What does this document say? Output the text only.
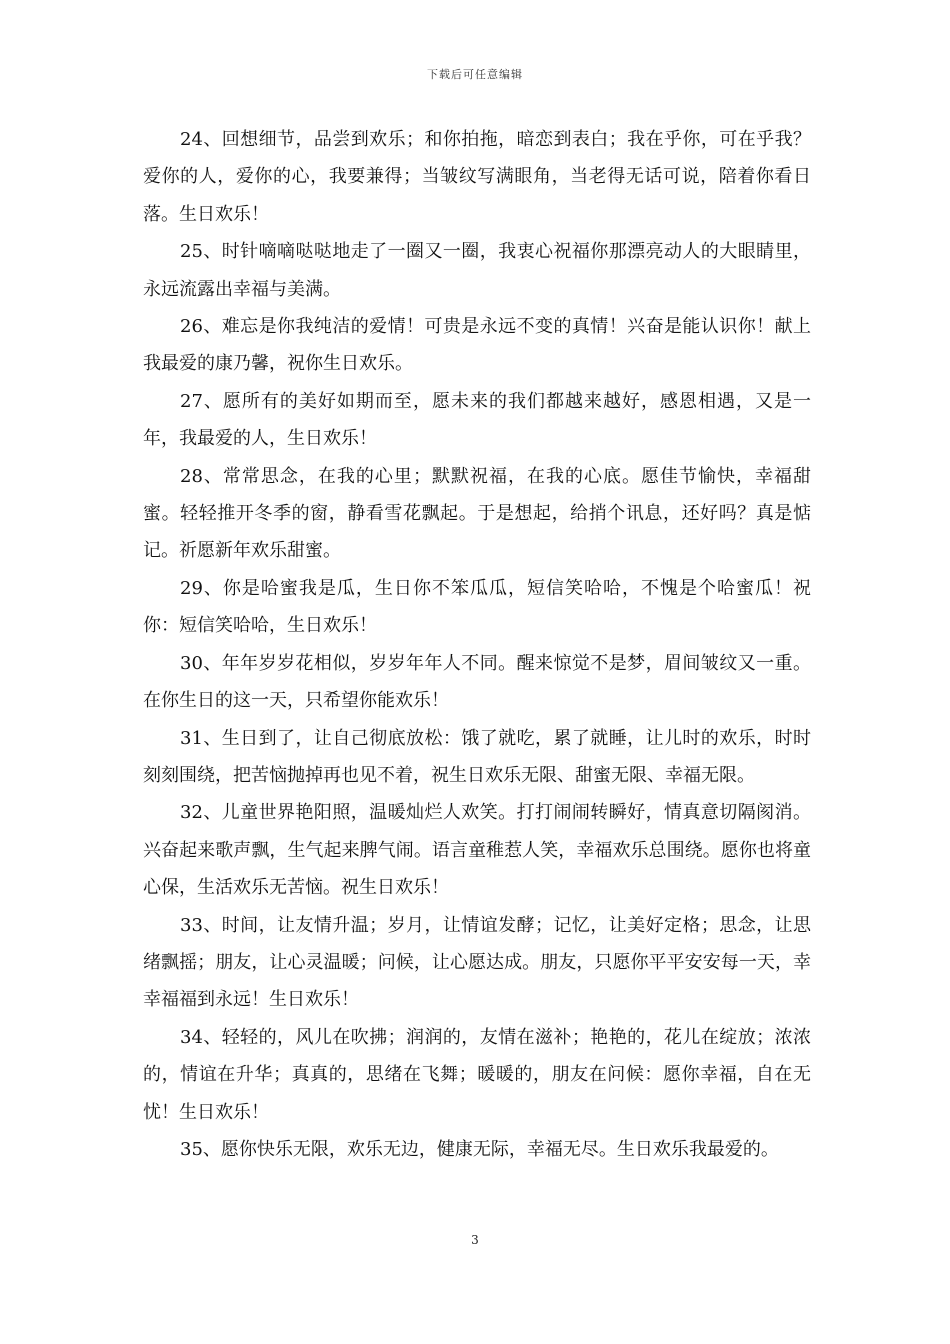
下载后可任意编辑

24、回想细节，品尝到欢乐；和你拍拖，暗恋到表白；我在乎你，可在乎我？爱你的人，爱你的心，我要兼得；当皱纹写满眼角，当老得无话可说，陪着你看日落。生日欢乐！

25、时针嘀嘀哒哒地走了一圈又一圈，我衷心祝福你那漂亮动人的大眼睛里，永远流露出幸福与美满。

26、难忘是你我纯洁的爱情！可贵是永远不变的真情！兴奋是能认识你！献上我最爱的康乃馨，祝你生日欢乐。

27、愿所有的美好如期而至，愿未来的我们都越来越好，感恩相遇，又是一年，我最爱的人，生日欢乐！

28、常常思念，在我的心里；默默祝福，在我的心底。愿佳节愉快，幸福甜蜜。轻轻推开冬季的窗，静看雪花飘起。于是想起，给捎个讯息，还好吗？真是惦记。祈愿新年欢乐甜蜜。

29、你是哈蜜我是瓜，生日你不笨瓜瓜，短信笑哈哈，不愧是个哈蜜瓜！祝你：短信笑哈哈，生日欢乐！

30、年年岁岁花相似，岁岁年年人不同。醒来惊觉不是梦，眉间皱纹又一重。在你生日的这一天，只希望你能欢乐！

31、生日到了，让自己彻底放松：饿了就吃，累了就睡，让儿时的欢乐，时时刻刻围绕，把苦恼抛掉再也见不着，祝生日欢乐无限、甜蜜无限、幸福无限。

32、儿童世界艳阳照，温暖灿烂人欢笑。打打闹闹转瞬好，情真意切隔阂消。兴奋起来歌声飘，生气起来脾气闹。语言童稚惹人笑，幸福欢乐总围绕。愿你也将童心保，生活欢乐无苦恼。祝生日欢乐！

33、时间，让友情升温；岁月，让情谊发酵；记忆，让美好定格；思念，让思绪飘摇；朋友，让心灵温暖；问候，让心愿达成。朋友，只愿你平平安安每一天，幸幸福福到永远！生日欢乐！

34、轻轻的，风儿在吹拂；润润的，友情在滋补；艳艳的，花儿在绽放；浓浓的，情谊在升华；真真的，思绪在飞舞；暖暖的，朋友在问候：愿你幸福，自在无忧！生日欢乐！

35、愿你快乐无限，欢乐无边，健康无际，幸福无尽。生日欢乐我最爱的。

3
